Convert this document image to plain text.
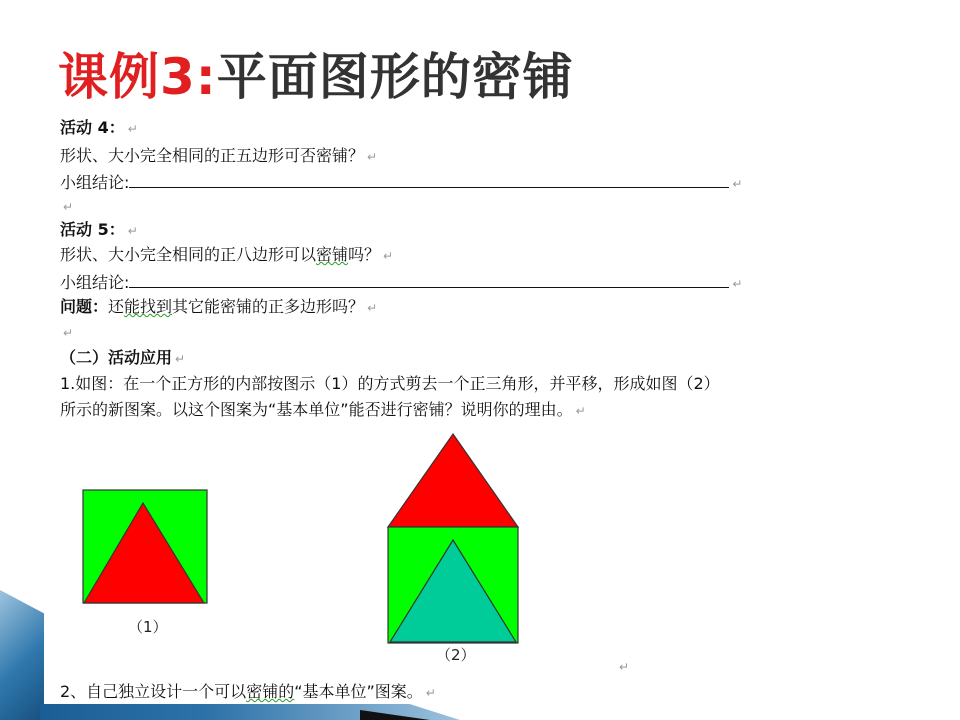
课例3:平面图形的密铺
活动 4： ↵
形状、大小完全相同的正五边形可否密铺？ ↵
小组结论:	↵
↵
活动 5： ↵
形状、大小完全相同的正八边形可以密铺吗？ ↵
小组结论:	↵
问题：还能找到其它能密铺的正多边形吗？ ↵
↵
（二）活动应用 ↵
1.如图：在一个正方形的内部按图示（1）的方式剪去一个正三角形，并平移，形成如图（2）
所示的新图案。以这个图案为“基本单位”能否进行密铺？说明你的理由。 ↵
（1）
（2）
↵
2、自己独立设计一个可以密铺的“基本单位”图案。 ↵
